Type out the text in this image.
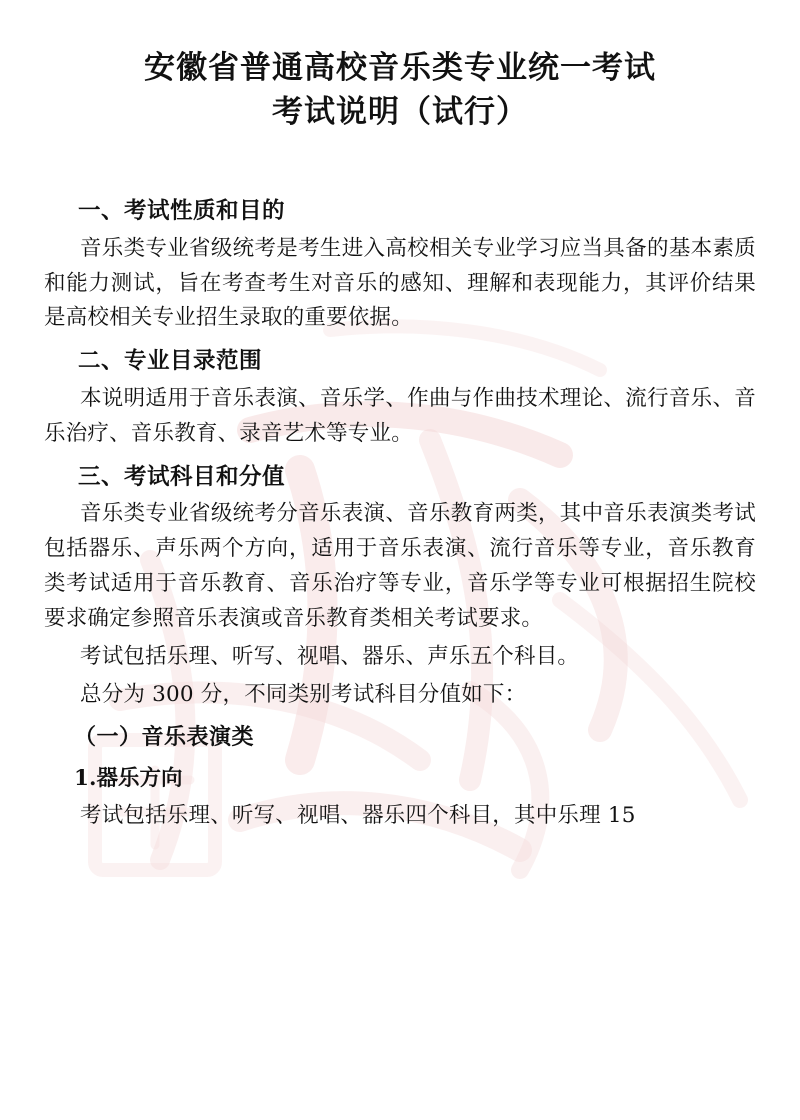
安徽省普通高校音乐类专业统一考试
考试说明（试行）
一、考试性质和目的

音乐类专业省级统考是考生进入高校相关专业学习应当具备的基本素质和能力测试，旨在考查考生对音乐的感知、理解和表现能力，其评价结果是高校相关专业招生录取的重要依据。

二、专业目录范围

本说明适用于音乐表演、音乐学、作曲与作曲技术理论、流行音乐、音乐治疗、音乐教育、录音艺术等专业。

三、考试科目和分值

音乐类专业省级统考分音乐表演、音乐教育两类，其中音乐表演类考试包括器乐、声乐两个方向，适用于音乐表演、流行音乐等专业，音乐教育类考试适用于音乐教育、音乐治疗等专业，音乐学等专业可根据招生院校要求确定参照音乐表演或音乐教育类相关考试要求。

考试包括乐理、听写、视唱、器乐、声乐五个科目。

总分为 300 分，不同类别考试科目分值如下：

（一）音乐表演类
1.器乐方向

考试包括乐理、听写、视唱、器乐四个科目，其中乐理 15
